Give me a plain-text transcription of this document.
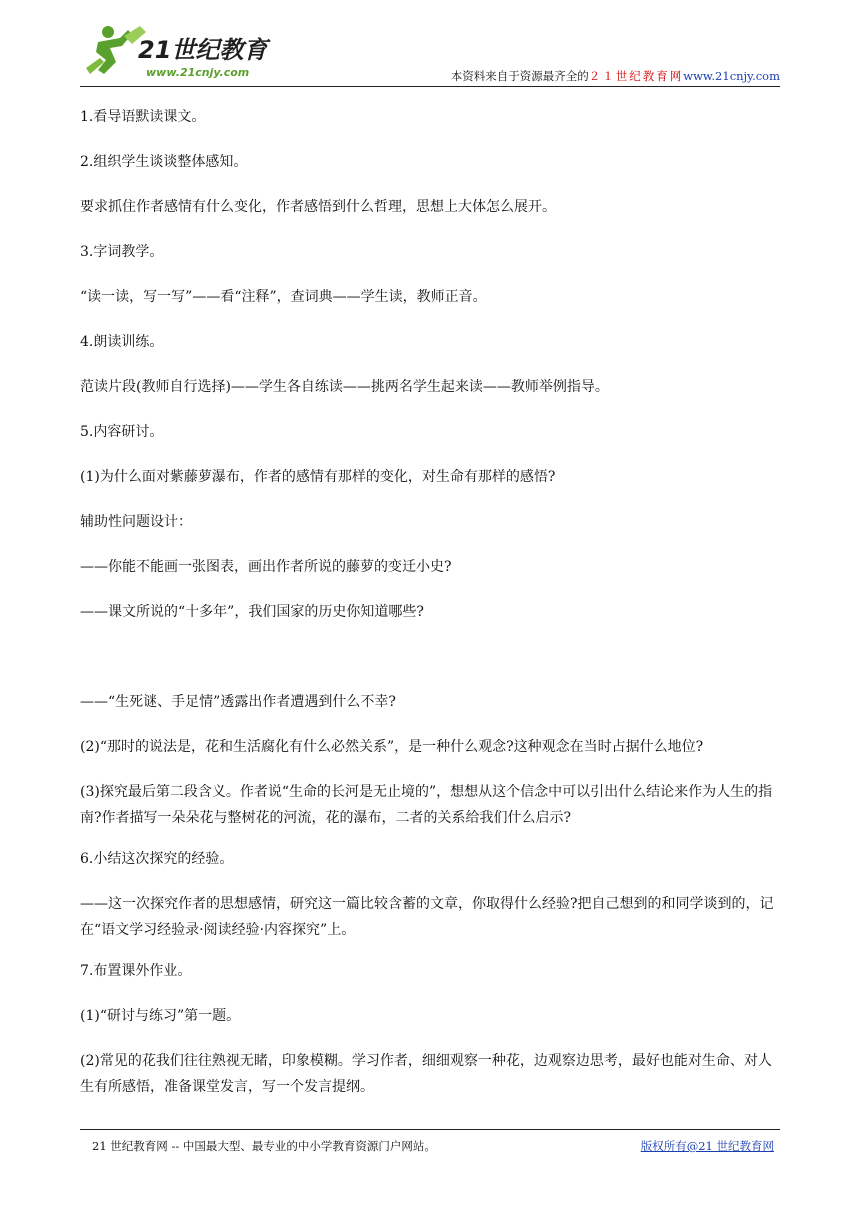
21世纪教育
www.21cnjy.com	本资料来自于资源最齐全的２１世纪教育网www.21cnjy.com

1.看导语默读课文。

2.组织学生谈谈整体感知。

要求抓住作者感情有什么变化，作者感悟到什么哲理，思想上大体怎么展开。

3.字词教学。

“读一读，写一写”——看“注释”，查词典——学生读，教师正音。

4.朗读训练。

范读片段(教师自行选择)——学生各自练读——挑两名学生起来读——教师举例指导。

5.内容研讨。

(1)为什么面对紫藤萝瀑布，作者的感情有那样的变化，对生命有那样的感悟?

辅助性问题设计：

——你能不能画一张图表，画出作者所说的藤萝的变迁小史?

——课文所说的“十多年”，我们国家的历史你知道哪些?

——“生死谜、手足情”透露出作者遭遇到什么不幸?

(2)“那时的说法是，花和生活腐化有什么必然关系”，是一种什么观念?这种观念在当时占据什么地位?

(3)探究最后第二段含义。作者说“生命的长河是无止境的”，想想从这个信念中可以引出什么结论来作为人生的指南?作者描写一朵朵花与整树花的河流，花的瀑布，二者的关系给我们什么启示?

6.小结这次探究的经验。

——这一次探究作者的思想感情，研究这一篇比较含蓄的文章，你取得什么经验?把自己想到的和同学谈到的，记在“语文学习经验录·阅读经验·内容探究”上。

7.布置课外作业。

(1)“研讨与练习”第一题。

(2)常见的花我们往往熟视无睹，印象模糊。学习作者，细细观察一种花，边观察边思考，最好也能对生命、对人生有所感悟，准备课堂发言，写一个发言提纲。

21 世纪教育网 -- 中国最大型、最专业的中小学教育资源门户网站。	版权所有@21 世纪教育网
